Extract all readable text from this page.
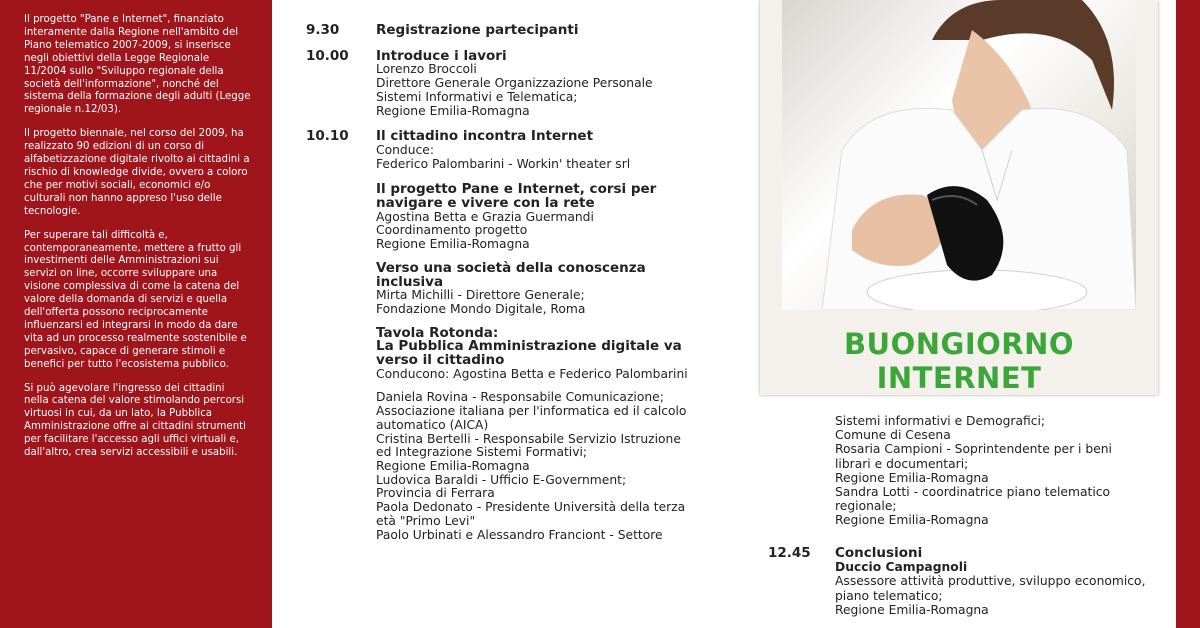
Il progetto "Pane e Internet", finanziato interamente dalla Regione nell'ambito del Piano telematico 2007-2009, si inserisce negli obiettivi della Legge Regionale 11/2004 sullo "Sviluppo regionale della società dell'informazione", nonché del sistema della formazione degli adulti (Legge regionale n.12/03).

Il progetto biennale, nel corso del 2009, ha realizzato 90 edizioni di un corso di alfabetizzazione digitale rivolto ai cittadini a rischio di knowledge divide, ovvero a coloro che per motivi sociali, economici e/o culturali non hanno appreso l'uso delle tecnologie.

Per superare tali difficoltà e, contemporaneamente, mettere a frutto gli investimenti delle Amministrazioni sui servizi on line, occorre sviluppare una visione complessiva di come la catena del valore della domanda di servizi e quella dell'offerta possono reciprocamente influenzarsi ed integrarsi in modo da dare vita ad un processo realmente sostenibile e pervasivo, capace di generare stimoli e benefici per tutto l'ecosistema pubblico.

Si può agevolare l'ingresso dei cittadini nella catena del valore stimolando percorsi virtuosi in cui, da un lato, la Pubblica Amministrazione offre ai cittadini strumenti per facilitare l'accesso agli uffici virtuali e, dall'altro, crea servizi accessibili e usabili.

9.30	Registrazione partecipanti
10.00	Introduce i lavori
Lorenzo Broccoli
Direttore Generale Organizzazione Personale
Sistemi Informativi e Telematica;
Regione Emilia-Romagna
10.10	Il cittadino incontra Internet
Conduce:
Federico Palombarini - Workin' theater srl
Il progetto Pane e Internet, corsi per
navigare e vivere con la rete
Agostina Betta e Grazia Guermandi
Coordinamento progetto
Regione Emilia-Romagna
Verso una società della conoscenza
inclusiva
Mirta Michilli - Direttore Generale;
Fondazione Mondo Digitale, Roma
Tavola Rotonda:
La Pubblica Amministrazione digitale va
verso il cittadino
Conducono: Agostina Betta e Federico Palombarini
Daniela Rovina - Responsabile Comunicazione;
Associazione italiana per l'informatica ed il calcolo
automatico (AICA)
Cristina Bertelli - Responsabile Servizio Istruzione
ed Integrazione Sistemi Formativi;
Regione Emilia-Romagna
Ludovica Baraldi - Ufficio E-Government;
Provincia di Ferrara
Paola Dedonato - Presidente Università della terza
età "Primo Levi"
Paolo Urbinati e Alessandro Franciont - Settore
BUONGIORNO INTERNET
Sistemi informativi e Demografici;
Comune di Cesena
Rosaria Campioni - Soprintendente per i beni
librari e documentari;
Regione Emilia-Romagna
Sandra Lotti - coordinatrice piano telematico
regionale;
Regione Emilia-Romagna
12.45	Conclusioni
Duccio Campagnoli
Assessore attività produttive, sviluppo economico,
piano telematico;
Regione Emilia-Romagna
